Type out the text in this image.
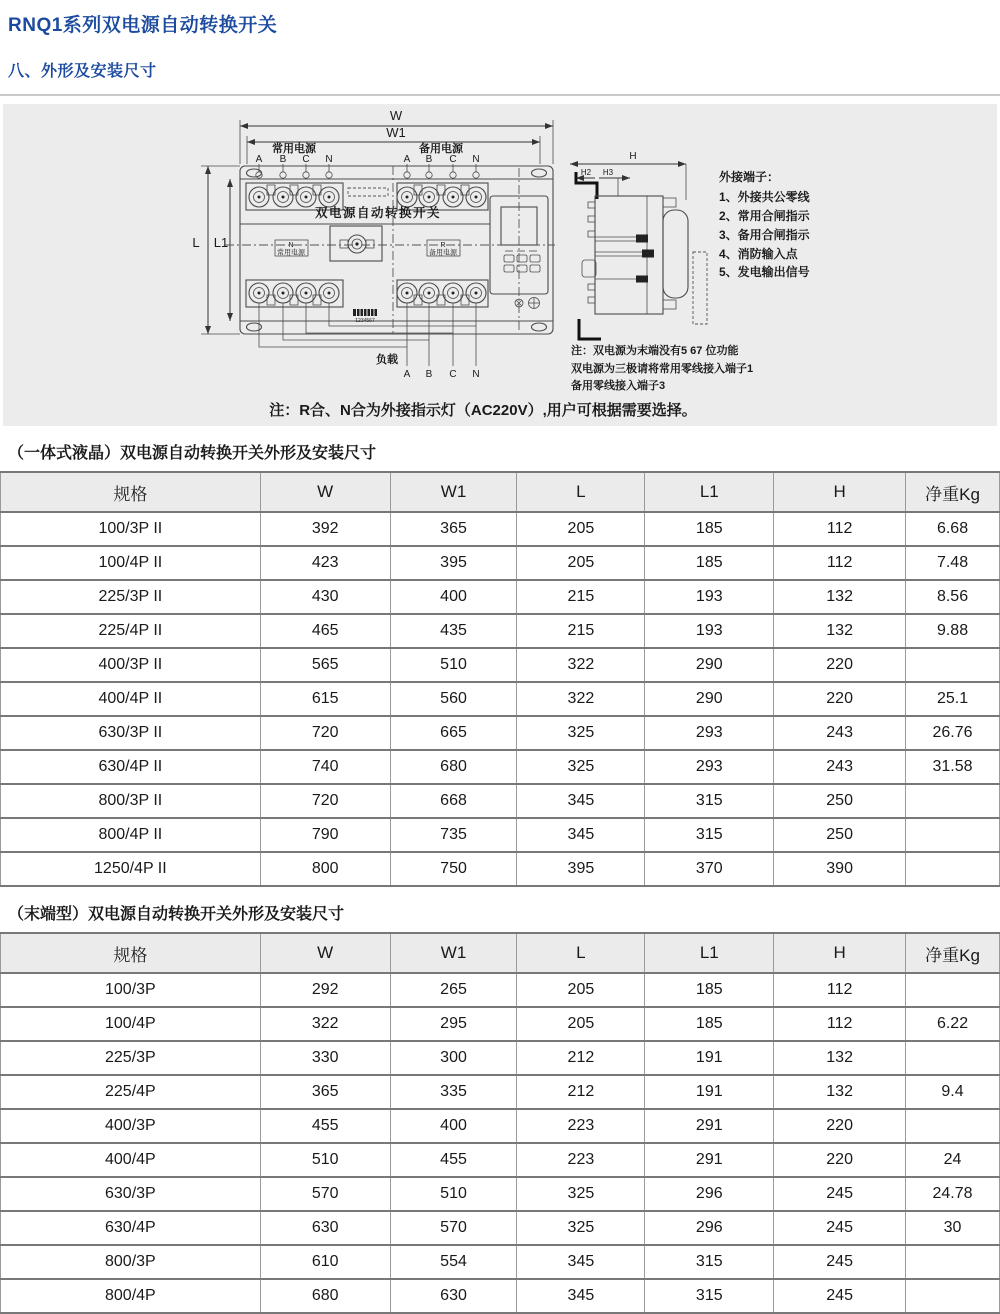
RNQ1系列双电源自动转换开关
八、外形及安装尺寸
W
W1
L L1
常用电源	备用电源
A B C N	A B C N
双电源自动转换开关
N
常用电源
R
备用电源
1234567
负载
A B C N
H
H2 H3	外接端子：
1、外接共公零线
2、常用合闸指示
3、备用合闸指示
4、消防输入点
5、发电输出信号
注：双电源为末端没有5 67 位功能
双电源为三极请将常用零线接入端子1
备用零线接入端子3
注：R合、N合为外接指示灯（AC220V）,用户可根据需要选择。
（一体式液晶）双电源自动转换开关外形及安装尺寸
规格	W	W1	L	L1	H	净重Kg
100/3P II	392	365	205	185	112	6.68
100/4P II	423	395	205	185	112	7.48
225/3P II	430	400	215	193	132	8.56
225/4P II	465	435	215	193	132	9.88
400/3P II	565	510	322	290	220	
400/4P II	615	560	322	290	220	25.1
630/3P II	720	665	325	293	243	26.76
630/4P II	740	680	325	293	243	31.58
800/3P II	720	668	345	315	250	
800/4P II	790	735	345	315	250	
1250/4P II	800	750	395	370	390	
（末端型）双电源自动转换开关外形及安装尺寸
规格	W	W1	L	L1	H	净重Kg
100/3P	292	265	205	185	112	
100/4P	322	295	205	185	112	6.22
225/3P	330	300	212	191	132	
225/4P	365	335	212	191	132	9.4
400/3P	455	400	223	291	220	
400/4P	510	455	223	291	220	24
630/3P	570	510	325	296	245	24.78
630/4P	630	570	325	296	245	30
800/3P	610	554	345	315	245	
800/4P	680	630	345	315	245	
